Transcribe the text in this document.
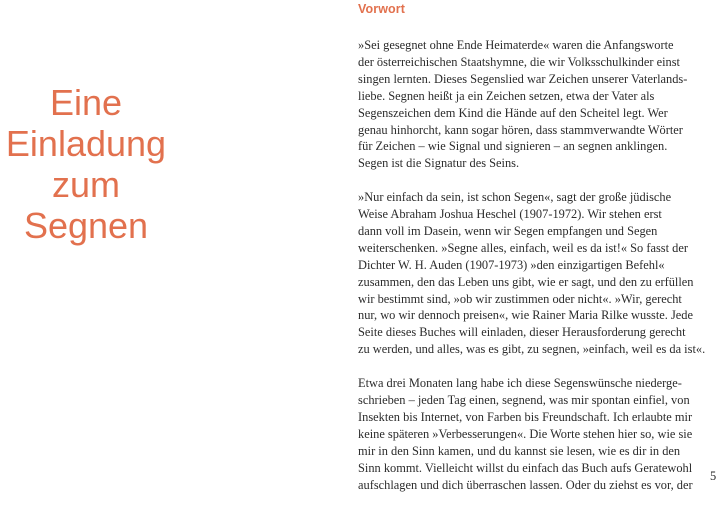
Vorwort
Eine
Einladung
zum
Segnen

»Sei gesegnet ohne Ende Heimaterde« waren die Anfangsworte
der österreichischen Staatshymne, die wir Volksschulkinder einst
singen lernten. Dieses Segenslied war Zeichen unserer Vaterlands-
liebe. Segnen heißt ja ein Zeichen setzen, etwa der Vater als
Segenszeichen dem Kind die Hände auf den Scheitel legt. Wer
genau hinhorcht, kann sogar hören, dass stammverwandte Wörter
für Zeichen – wie Signal und signieren – an segnen anklingen.
Segen ist die Signatur des Seins.

»Nur einfach da sein, ist schon Segen«, sagt der große jüdische
Weise Abraham Joshua Heschel (1907-1972). Wir stehen erst
dann voll im Dasein, wenn wir Segen empfangen und Segen
weiterschenken. »Segne alles, einfach, weil es da ist!« So fasst der
Dichter W. H. Auden (1907-1973) »den einzigartigen Befehl«
zusammen, den das Leben uns gibt, wie er sagt, und den zu erfüllen
wir bestimmt sind, »ob wir zustimmen oder nicht«. »Wir, gerecht
nur, wo wir dennoch preisen«, wie Rainer Maria Rilke wusste. Jede
Seite dieses Buches will einladen, dieser Herausforderung gerecht
zu werden, und alles, was es gibt, zu segnen, »einfach, weil es da ist«.

Etwa drei Monaten lang habe ich diese Segenswünsche niederge-
schrieben – jeden Tag einen, segnend, was mir spontan einfiel, von
Insekten bis Internet, von Farben bis Freundschaft. Ich erlaubte mir
keine späteren »Verbesserungen«. Die Worte stehen hier so, wie sie
mir in den Sinn kamen, und du kannst sie lesen, wie es dir in den
Sinn kommt. Vielleicht willst du einfach das Buch aufs Geratewohl
aufschlagen und dich überraschen lassen. Oder du ziehst es vor, der

5
